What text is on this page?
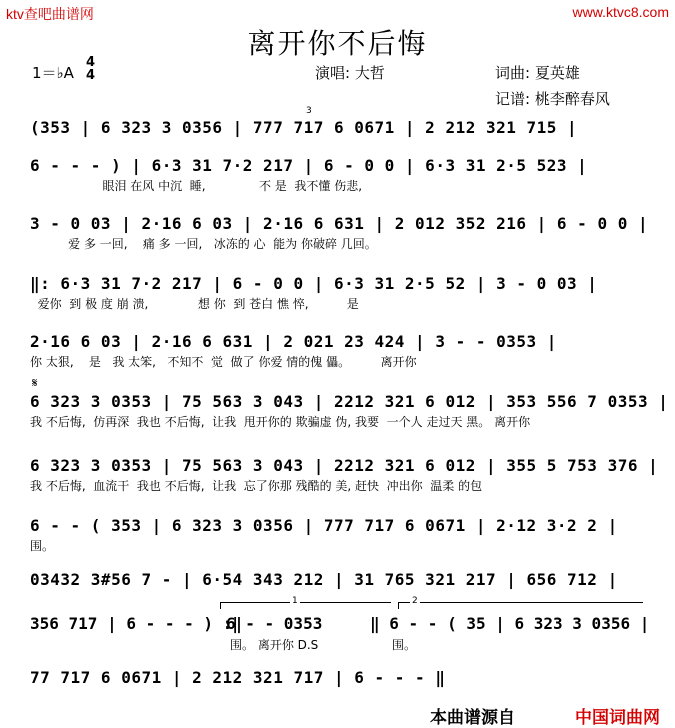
ktv查吧曲谱网	www.ktvc8.com
离开你不后悔
1＝♭A
4
4	演唱: 大哲	词曲: 夏英雄
记谱: 桃李醉春风
3
(353 | 6 323 3 0356 | 777 717 6 0671 | 2 212 321 715 |
6 - - - ) | 6·3 31 7·2 217 | 6 - 0 0 | 6·3 31 2·5 523 |
眼泪 在风 中沉  睡,              不 是  我不懂 伤悲,
3 - 0 03 | 2·16 6 03 | 2·16 6 631 | 2 012 352 216 | 6 - 0 0 |
爱 多 一回,    痛 多 一回,   冰冻的 心  能为 你破碎 几回。
‖: 6·3 31 7·2 217 | 6 - 0 0 | 6·3 31 2·5 52 | 3 - 0 03 |
爱你  到 极 度 崩 溃,             想 你  到 苍白 憔 悴,          是
2·16 6 03 | 2·16 6 631 | 2 021 23 424 | 3 - - 0353 |
你 太狠,    是   我 太笨,   不知不  觉  做了 你爱 情的傀 儡。        离开你
𝄋
6 323 3 0353 | 75 563 3 043 | 2212 321 6 012 | 353 556 7 0353 |
我 不后悔,  仿再深  我也 不后悔,  让我  甩开你的 欺骗虚 伪, 我要  一个人 走过天 黑。 离开你
6 323 3 0353 | 75 563 3 043 | 2212 321 6 012 | 355 5 753 376 |
我 不后悔,  血流干  我也 不后悔,  让我  忘了你那 残酷的 美, 赶快  冲出你  温柔 的包
6 - - ( 353 | 6 323 3 0356 | 777 717 6 0671 | 2·12 3·2 2 |
围。
03432 3#56 7 - | 6·54 343 212 | 31 765 321 217 | 656 712 |
356 717 | 6 - - - ) :‖
1
6 - - 0353
围。 离开你 D.S
2
‖ 6 - - ( 35 | 6 323 3 0356 |
围。
77 717 6 0671 | 2 212 321 717 | 6 - - - ‖
本曲谱源自	中国词曲网
